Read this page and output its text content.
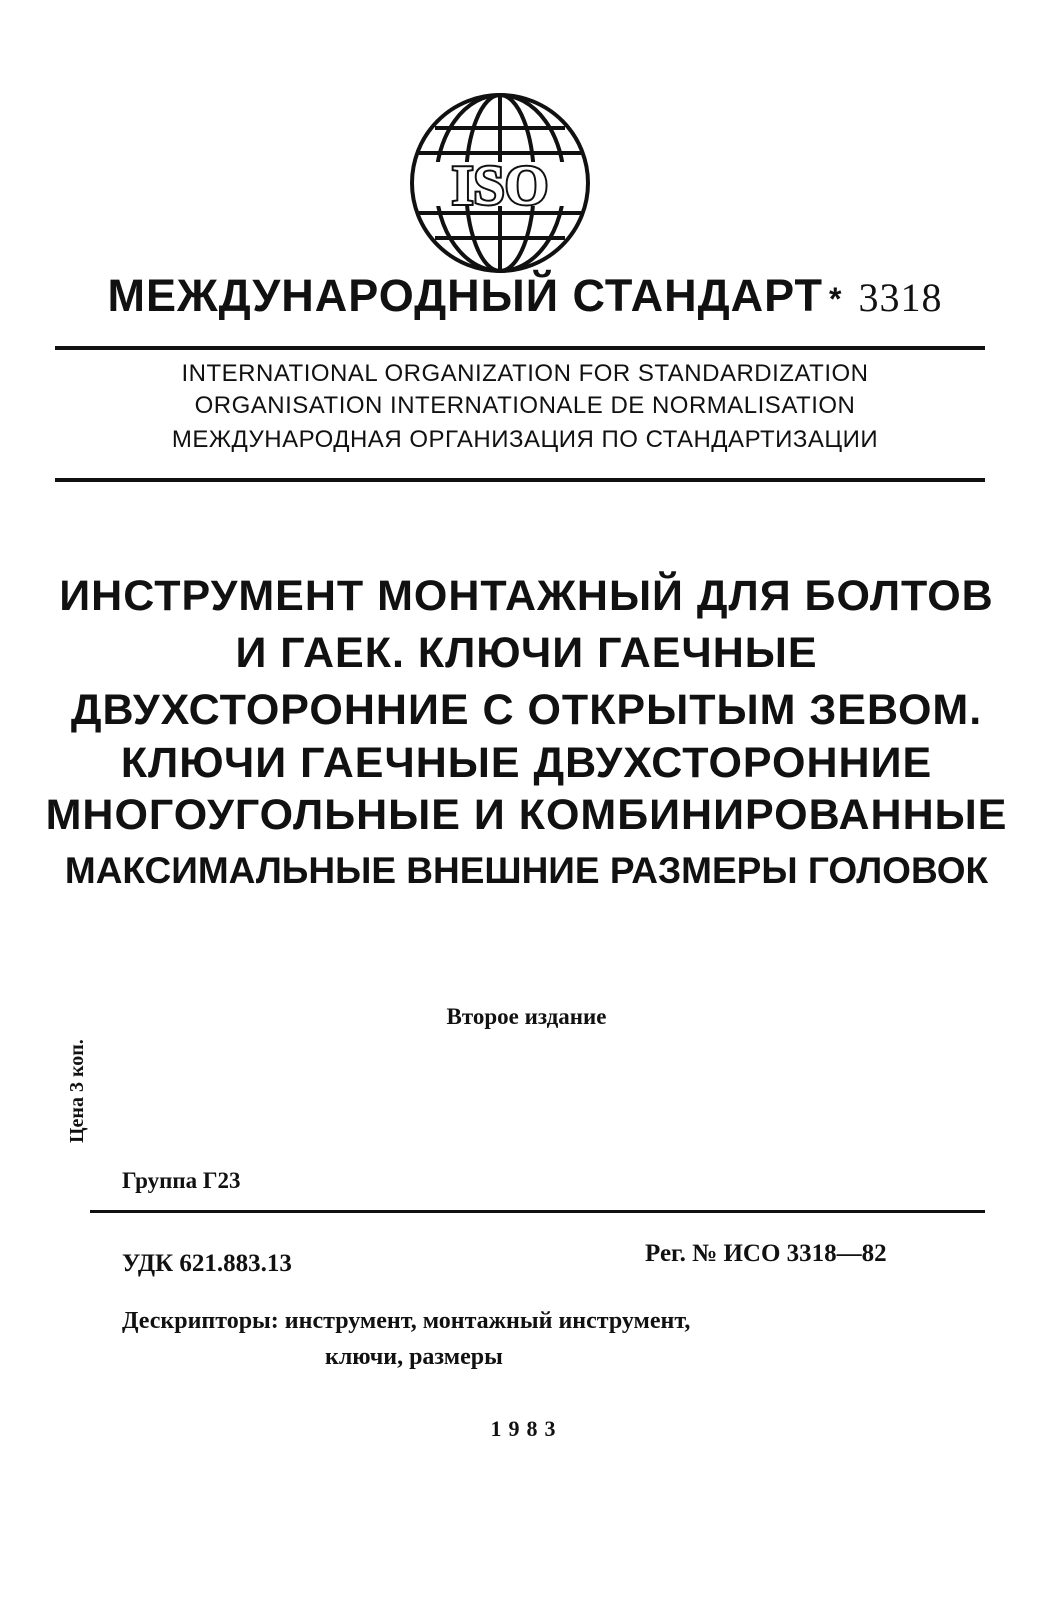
ISO
МЕЖДУНАРОДНЫЙ СТАНДАРТ * 3318
INTERNATIONAL ORGANIZATION FOR STANDARDIZATION
ORGANISATION INTERNATIONALE DE NORMALISATION
МЕЖДУНАРОДНАЯ ОРГАНИЗАЦИЯ ПО СТАНДАРТИЗАЦИИ
ИНСТРУМЕНТ МОНТАЖНЫЙ ДЛЯ БОЛТОВ
И ГАЕК. КЛЮЧИ ГАЕЧНЫЕ
ДВУХСТОРОННИЕ С ОТКРЫТЫМ ЗЕВОМ.
КЛЮЧИ ГАЕЧНЫЕ ДВУХСТОРОННИЕ
МНОГОУГОЛЬНЫЕ И КОМБИНИРОВАННЫЕ
МАКСИМАЛЬНЫЕ ВНЕШНИЕ РАЗМЕРЫ ГОЛОВОК
Второе издание
Цена 3 коп.
Группа Г23
УДК 621.883.13	Рег. № ИСО 3318—82
Дескрипторы: инструмент, монтажный инструмент,
ключи, размеры
1983
